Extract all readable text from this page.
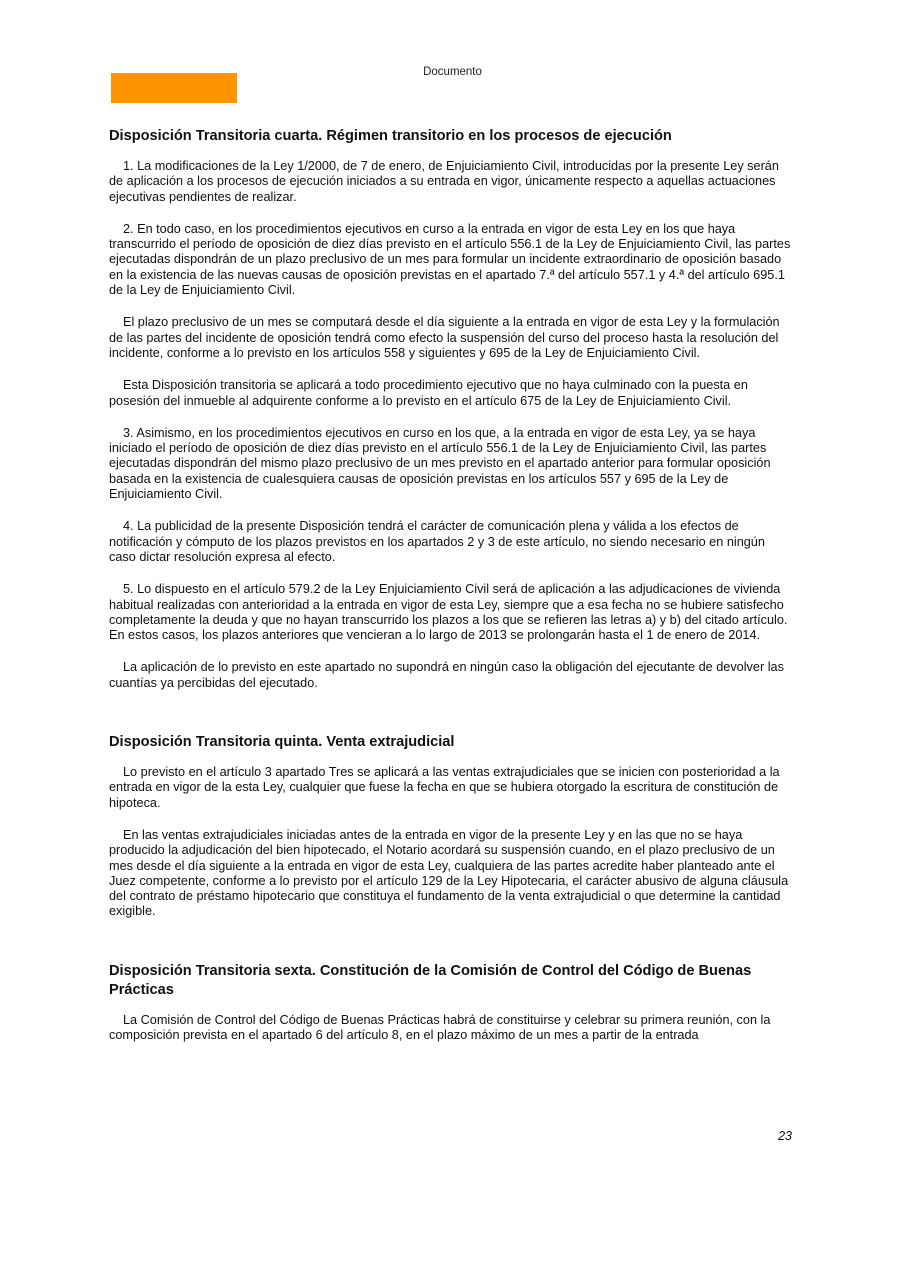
Documento
Disposición Transitoria cuarta. Régimen transitorio en los procesos de ejecución

1. La modificaciones de la Ley 1/2000, de 7 de enero, de Enjuiciamiento Civil, introducidas por la presente Ley serán de aplicación a los procesos de ejecución iniciados a su entrada en vigor, únicamente respecto a aquellas actuaciones ejecutivas pendientes de realizar.

2. En todo caso, en los procedimientos ejecutivos en curso a la entrada en vigor de esta Ley en los que haya transcurrido el período de oposición de diez días previsto en el artículo 556.1 de la Ley de Enjuiciamiento Civil, las partes ejecutadas dispondrán de un plazo preclusivo de un mes para formular un incidente extraordinario de oposición basado en la existencia de las nuevas causas de oposición previstas en el apartado 7.ª del artículo 557.1 y 4.ª del artículo 695.1 de la Ley de Enjuiciamiento Civil.

El plazo preclusivo de un mes se computará desde el día siguiente a la entrada en vigor de esta Ley y la formulación de las partes del incidente de oposición tendrá como efecto la suspensión del curso del proceso hasta la resolución del incidente, conforme a lo previsto en los artículos 558 y siguientes y 695 de la Ley de Enjuiciamiento Civil.

Esta Disposición transitoria se aplicará a todo procedimiento ejecutivo que no haya culminado con la puesta en posesión del inmueble al adquirente conforme a lo previsto en el artículo 675 de la Ley de Enjuiciamiento Civil.

3. Asimismo, en los procedimientos ejecutivos en curso en los que, a la entrada en vigor de esta Ley, ya se haya iniciado el período de oposición de diez días previsto en el artículo 556.1 de la Ley de Enjuiciamiento Civil, las partes ejecutadas dispondrán del mismo plazo preclusivo de un mes previsto en el apartado anterior para formular oposición basada en la existencia de cualesquiera causas de oposición previstas en los artículos 557 y 695 de la Ley de Enjuiciamiento Civil.

4. La publicidad de la presente Disposición tendrá el carácter de comunicación plena y válida a los efectos de notificación y cómputo de los plazos previstos en los apartados 2 y 3 de este artículo, no siendo necesario en ningún caso dictar resolución expresa al efecto.

5. Lo dispuesto en el artículo 579.2 de la Ley Enjuiciamiento Civil será de aplicación a las adjudicaciones de vivienda habitual realizadas con anterioridad a la entrada en vigor de esta Ley, siempre que a esa fecha no se hubiere satisfecho completamente la deuda y que no hayan transcurrido los plazos a los que se refieren las letras a) y b) del citado artículo. En estos casos, los plazos anteriores que vencieran a lo largo de 2013 se prolongarán hasta el 1 de enero de 2014.

La aplicación de lo previsto en este apartado no supondrá en ningún caso la obligación del ejecutante de devolver las cuantías ya percibidas del ejecutado.

Disposición Transitoria quinta. Venta extrajudicial

Lo previsto en el artículo 3 apartado Tres se aplicará a las ventas extrajudiciales que se inicien con posterioridad a la entrada en vigor de la esta Ley, cualquier que fuese la fecha en que se hubiera otorgado la escritura de constitución de hipoteca.

En las ventas extrajudiciales iniciadas antes de la entrada en vigor de la presente Ley y en las que no se haya producido la adjudicación del bien hipotecado, el Notario acordará su suspensión cuando, en el plazo preclusivo de un mes desde el día siguiente a la entrada en vigor de esta Ley, cualquiera de las partes acredite haber planteado ante el Juez competente, conforme a lo previsto por el artículo 129 de la Ley Hipotecaria, el carácter abusivo de alguna cláusula del contrato de préstamo hipotecario que constituya el fundamento de la venta extrajudicial o que determine la cantidad exigible.

Disposición Transitoria sexta. Constitución de la Comisión de Control del Código de Buenas Prácticas

La Comisión de Control del Código de Buenas Prácticas habrá de constituirse y celebrar su primera reunión, con la composición prevista en el apartado 6 del artículo 8, en el plazo máximo de un mes a partir de la entrada

23
